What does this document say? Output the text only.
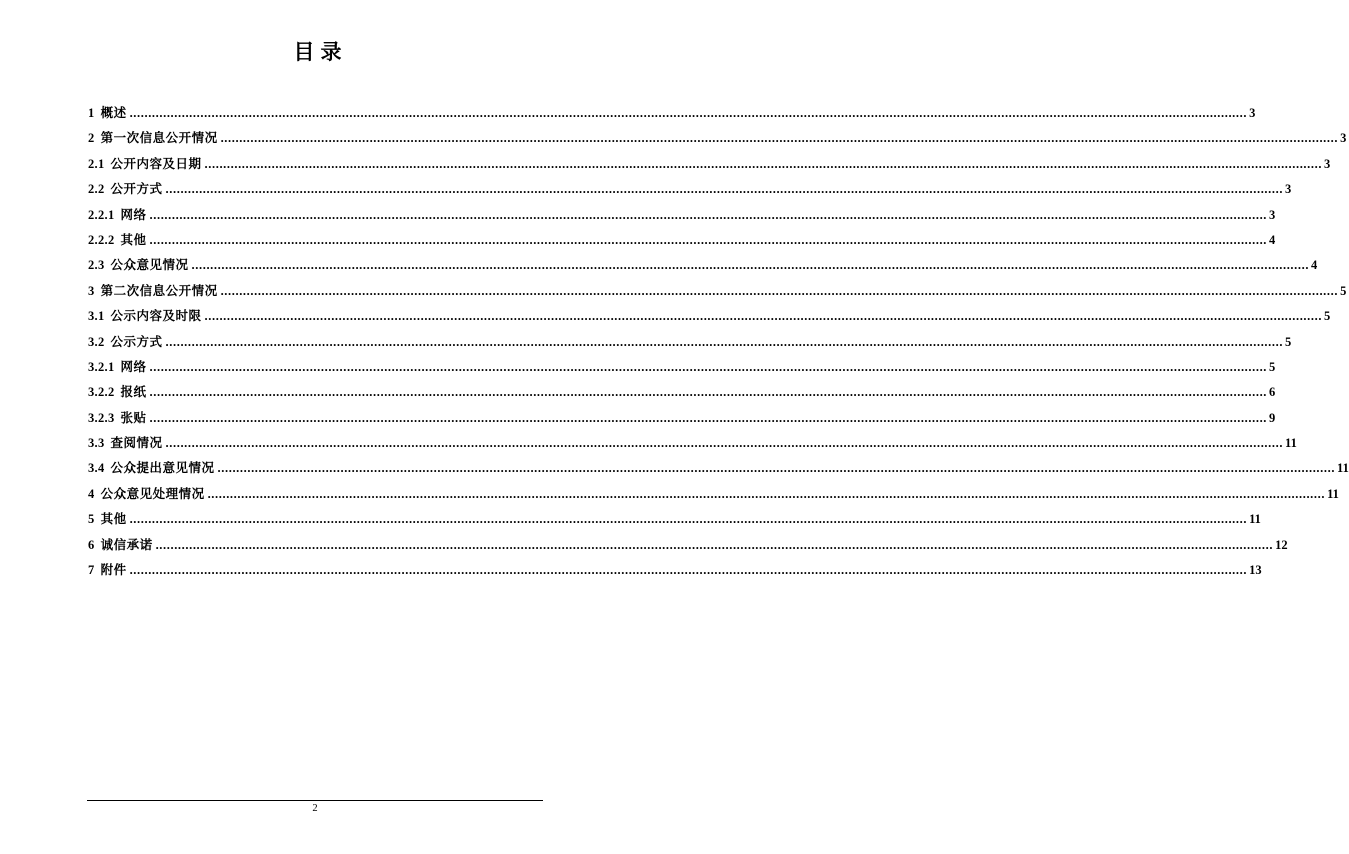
目录
1 概述 ............................................................................................................................................................................................................................................................................................................ 3
2 第一次信息公开情况 ............................................................................................................................................................................................................................................................................................................ 3
2.1 公开内容及日期 ............................................................................................................................................................................................................................................................................................................ 3
2.2 公开方式 ............................................................................................................................................................................................................................................................................................................ 3
2.2.1 网络 ............................................................................................................................................................................................................................................................................................................ 3
2.2.2 其他 ............................................................................................................................................................................................................................................................................................................ 4
2.3 公众意见情况 ............................................................................................................................................................................................................................................................................................................ 4
3 第二次信息公开情况 ............................................................................................................................................................................................................................................................................................................ 5
3.1 公示内容及时限 ............................................................................................................................................................................................................................................................................................................ 5
3.2 公示方式 ............................................................................................................................................................................................................................................................................................................ 5
3.2.1 网络 ............................................................................................................................................................................................................................................................................................................ 5
3.2.2 报纸 ............................................................................................................................................................................................................................................................................................................ 6
3.2.3 张贴 ............................................................................................................................................................................................................................................................................................................ 9
3.3 查阅情况 ............................................................................................................................................................................................................................................................................................................ 11
3.4 公众提出意见情况 ............................................................................................................................................................................................................................................................................................................ 11
4 公众意见处理情况 ............................................................................................................................................................................................................................................................................................................ 11
5 其他 ............................................................................................................................................................................................................................................................................................................ 11
6 诚信承诺 ............................................................................................................................................................................................................................................................................................................ 12
7 附件 ............................................................................................................................................................................................................................................................................................................ 13
2
